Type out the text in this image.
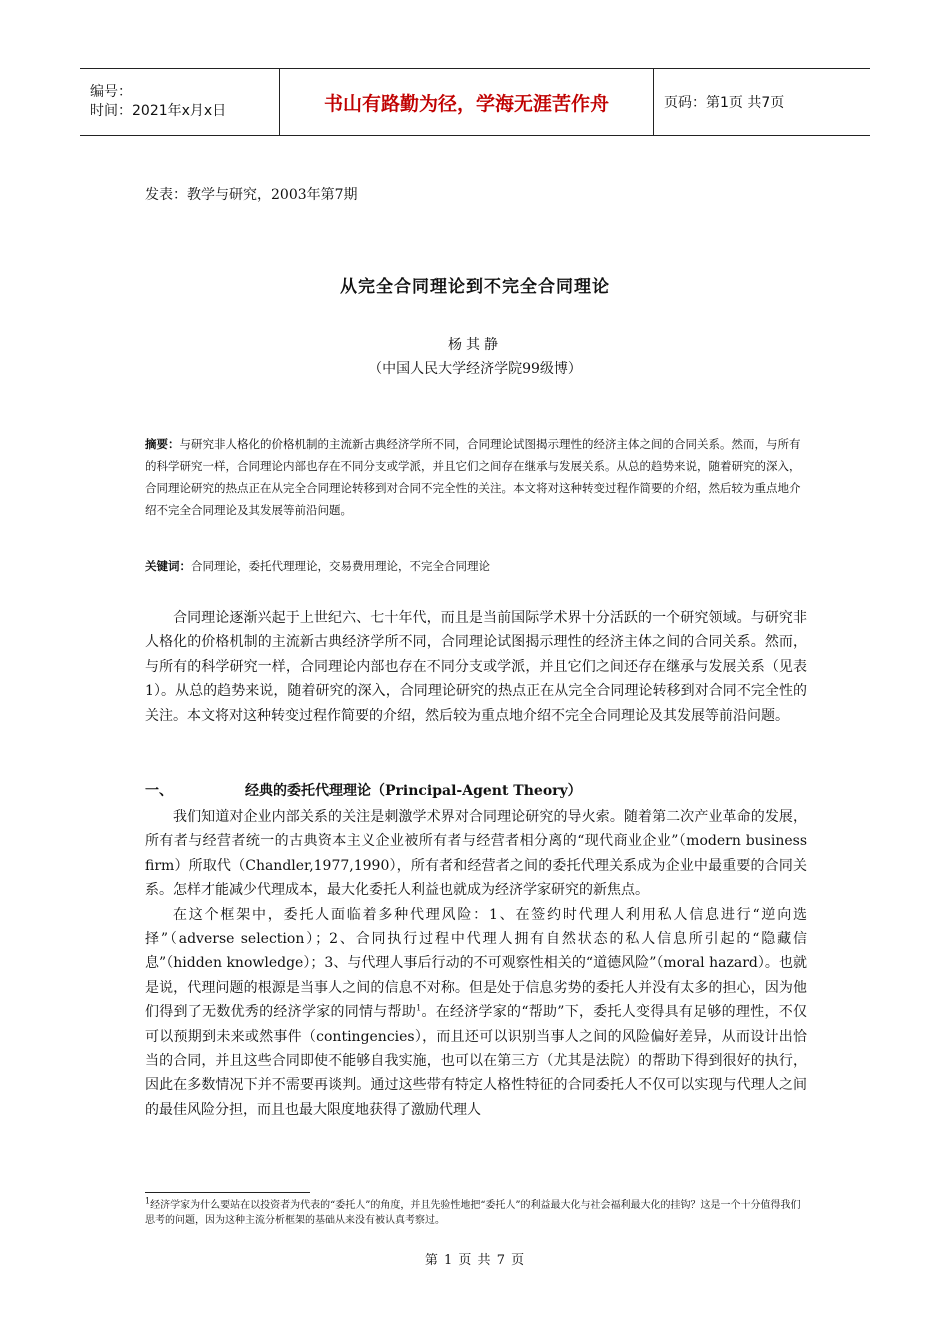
编号：
时间：2021年x月x日	书山有路勤为径，学海无涯苦作舟	页码：第1页 共7页
发表：教学与研究，2003年第7期
从完全合同理论到不完全合同理论
杨其静
（中国人民大学经济学院99级博）
摘要：与研究非人格化的价格机制的主流新古典经济学所不同，合同理论试图揭示理性的经济主体之间的合同关系。然而，与所有的科学研究一样，合同理论内部也存在不同分支或学派，并且它们之间存在继承与发展关系。从总的趋势来说，随着研究的深入，合同理论研究的热点正在从完全合同理论转移到对合同不完全性的关注。本文将对这种转变过程作简要的介绍，然后较为重点地介绍不完全合同理论及其发展等前沿问题。
关键词：合同理论，委托代理理论，交易费用理论，不完全合同理论

合同理论逐渐兴起于上世纪六、七十年代，而且是当前国际学术界十分活跃的一个研究领域。与研究非人格化的价格机制的主流新古典经济学所不同，合同理论试图揭示理性的经济主体之间的合同关系。然而，与所有的科学研究一样，合同理论内部也存在不同分支或学派，并且它们之间还存在继承与发展关系（见表1）。从总的趋势来说，随着研究的深入，合同理论研究的热点正在从完全合同理论转移到对合同不完全性的关注。本文将对这种转变过程作简要的介绍，然后较为重点地介绍不完全合同理论及其发展等前沿问题。

一、	经典的委托代理理论（Principal-Agent Theory）

我们知道对企业内部关系的关注是刺激学术界对合同理论研究的导火索。随着第二次产业革命的发展，所有者与经营者统一的古典资本主义企业被所有者与经营者相分离的“现代商业企业”（modern business firm）所取代（Chandler,1977,1990），所有者和经营者之间的委托代理关系成为企业中最重要的合同关系。怎样才能减少代理成本，最大化委托人利益也就成为经济学家研究的新焦点。

在这个框架中，委托人面临着多种代理风险：1、在签约时代理人利用私人信息进行“逆向选择”（adverse selection）；2、合同执行过程中代理人拥有自然状态的私人信息所引起的“隐藏信息”（hidden knowledge）；3、与代理人事后行动的不可观察性相关的“道德风险”（moral hazard）。也就是说，代理问题的根源是当事人之间的信息不对称。但是处于信息劣势的委托人并没有太多的担心，因为他们得到了无数优秀的经济学家的同情与帮助$^1$。在经济学家的“帮助”下，委托人变得具有足够的理性，不仅可以预期到未来或然事件（contingencies），而且还可以识别当事人之间的风险偏好差异，从而设计出恰当的合同，并且这些合同即使不能够自我实施，也可以在第三方（尤其是法院）的帮助下得到很好的执行，因此在多数情况下并不需要再谈判。通过这些带有特定人格性特征的合同委托人不仅可以实现与代理人之间的最佳风险分担，而且也最大限度地获得了激励代理人

$^1$经济学家为什么要站在以投资者为代表的“委托人”的角度，并且先验性地把“委托人”的利益最大化与社会福利最大化的挂钩？这是一个十分值得我们思考的问题，因为这种主流分析框架的基础从来没有被认真考察过。
第 1 页 共 7 页
